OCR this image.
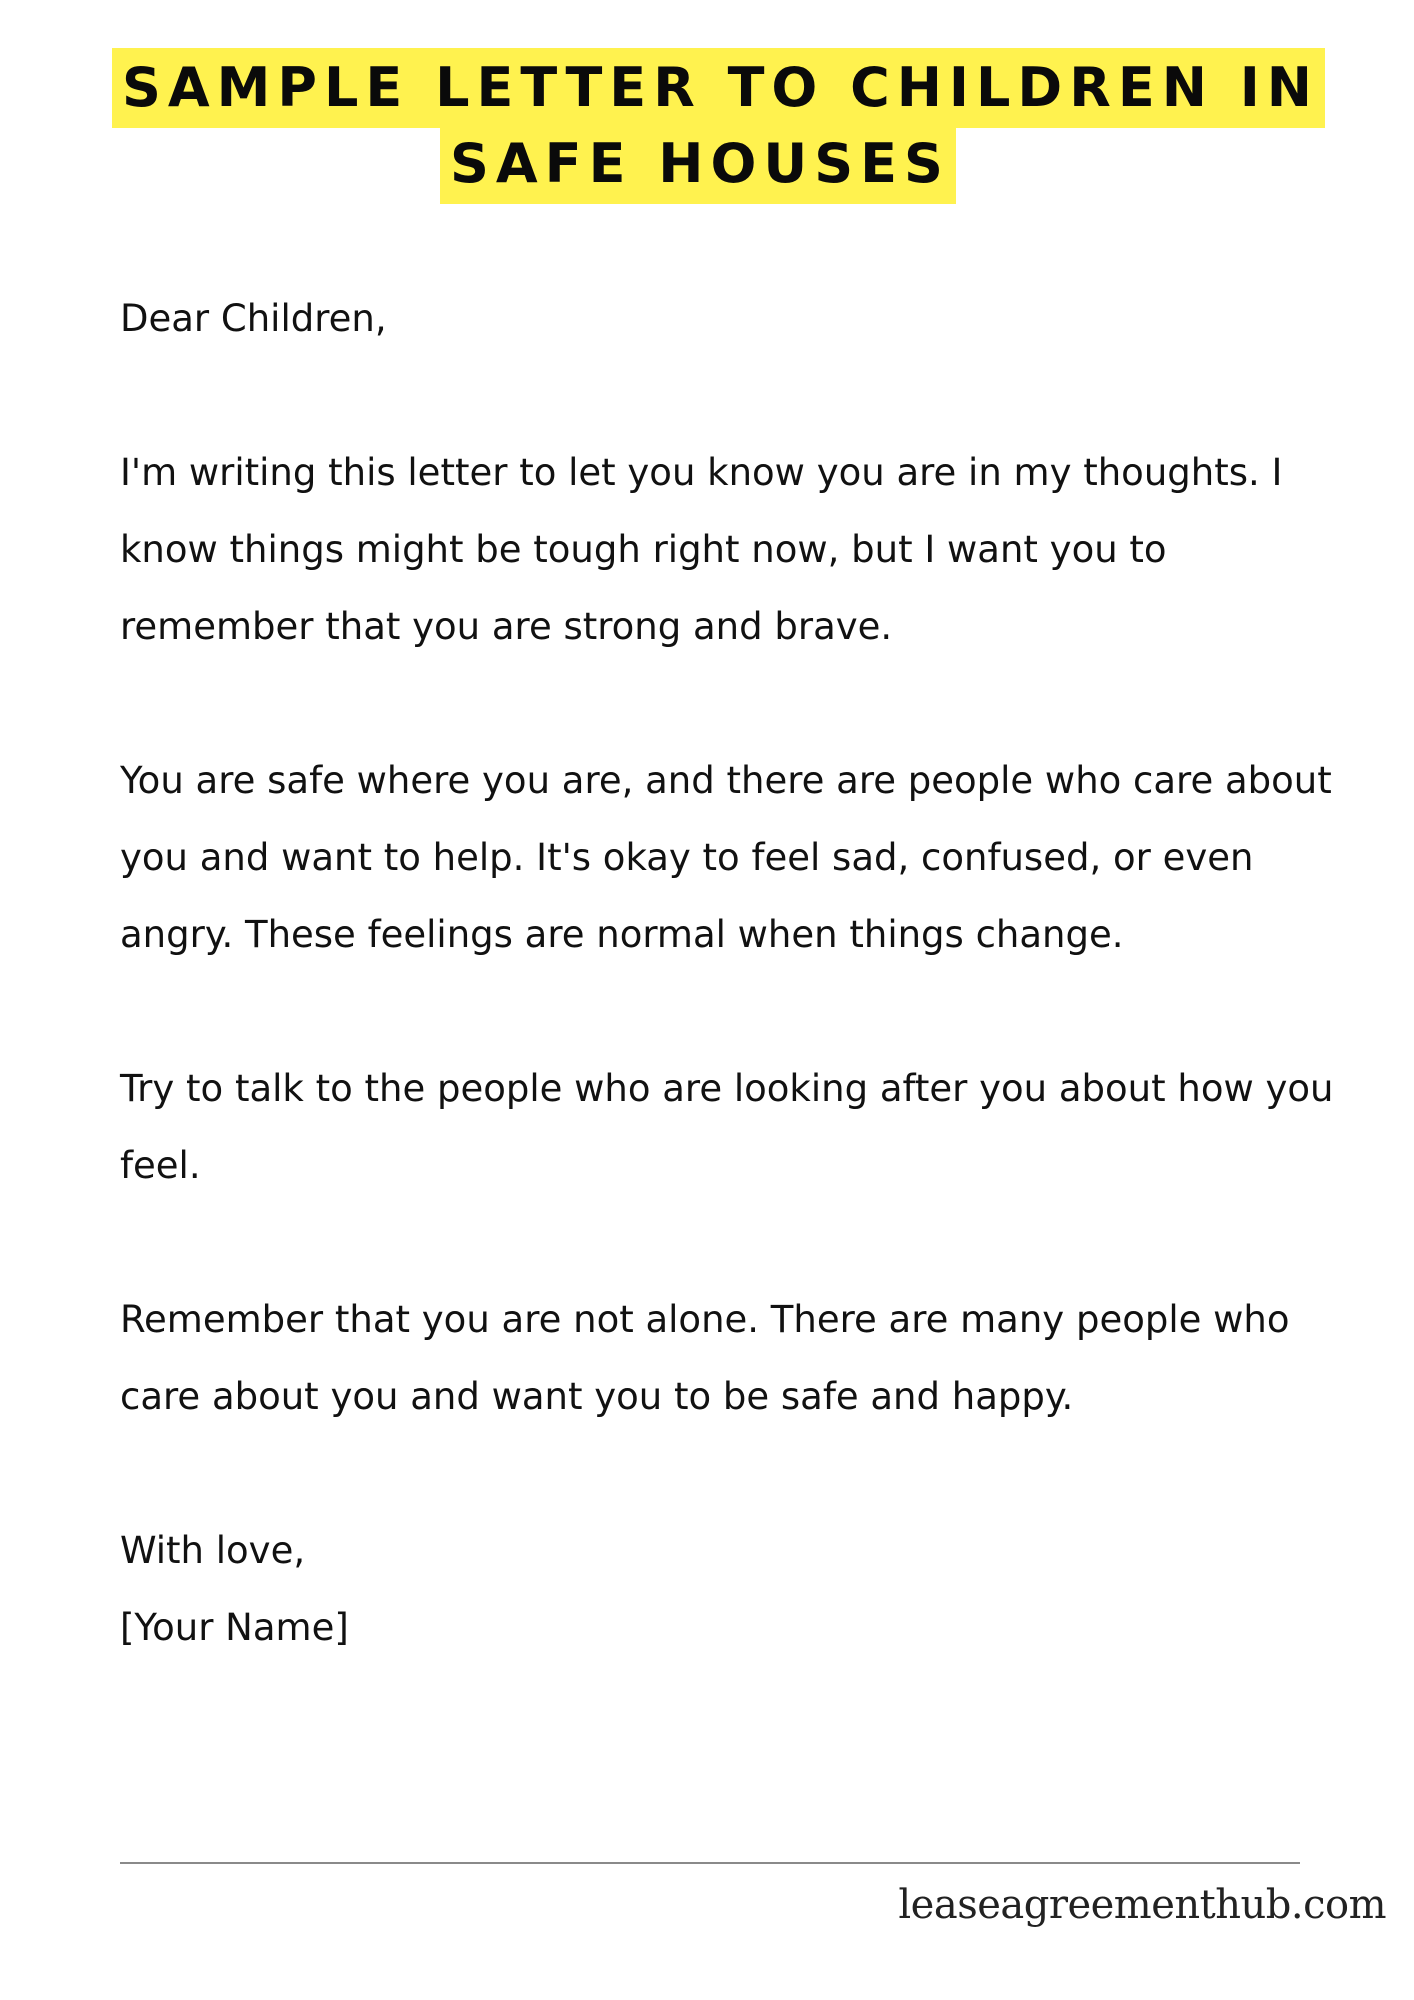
SAMPLE LETTER TO CHILDREN IN
SAFE HOUSES

Dear Children,

I'm writing this letter to let you know you are in my thoughts. I know things might be tough right now, but I want you to remember that you are strong and brave.

You are safe where you are, and there are people who care about you and want to help. It's okay to feel sad, confused, or even angry. These feelings are normal when things change.

Try to talk to the people who are looking after you about how you feel.

Remember that you are not alone. There are many people who care about you and want you to be safe and happy.

With love,

[Your Name]

leaseagreementhub.com
